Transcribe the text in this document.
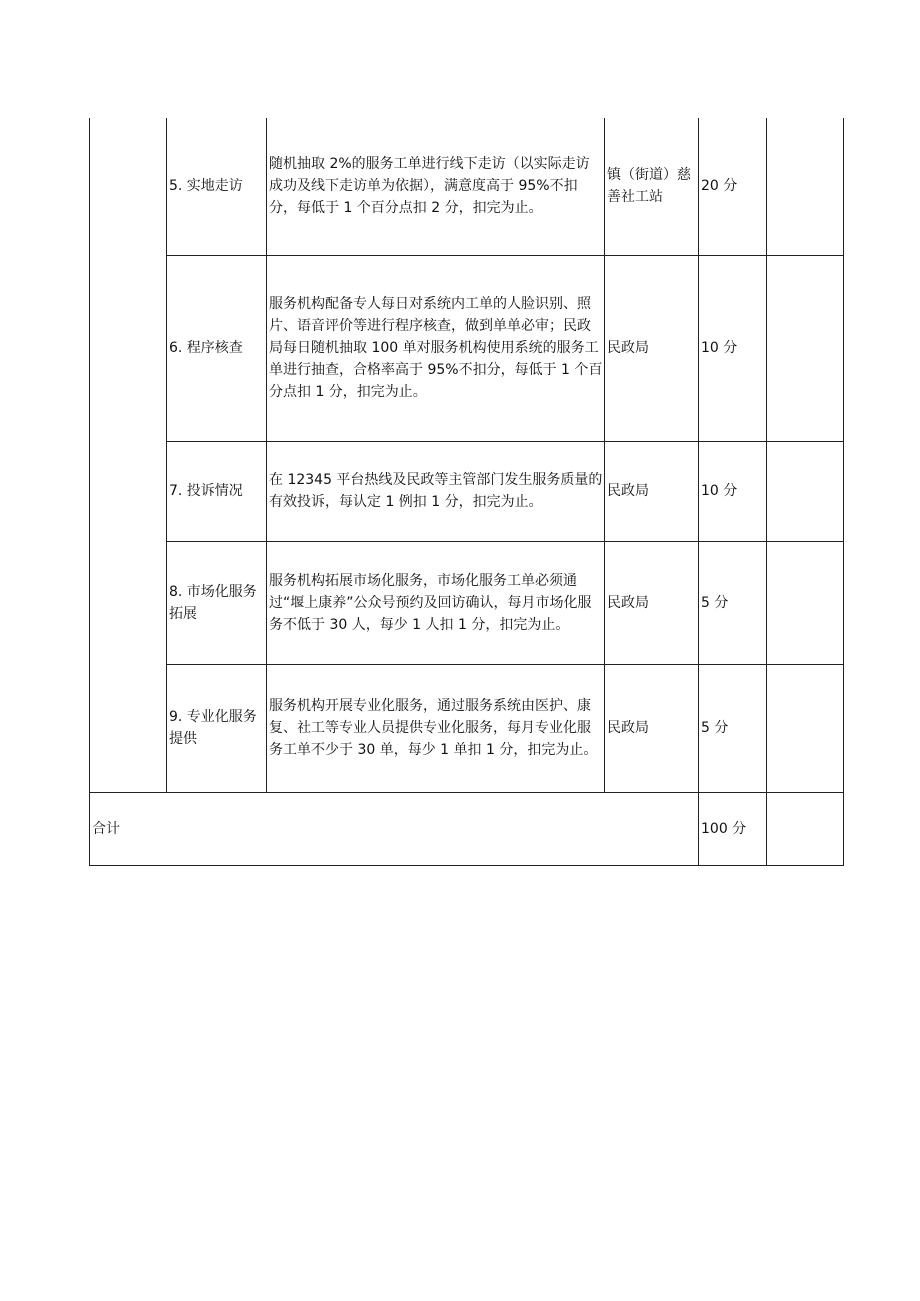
	5. 实地走访	随机抽取 2%的服务工单进行线下走访（以实际走访成功及线下走访单为依据），满意度高于 95%不扣分，每低于 1 个百分点扣 2 分，扣完为止。	镇（街道）慈善社工站	20 分	
	6. 程序核查	服务机构配备专人每日对系统内工单的人脸识别、照片、语音评价等进行程序核查，做到单单必审；民政局每日随机抽取 100 单对服务机构使用系统的服务工单进行抽查，合格率高于 95%不扣分，每低于 1 个百分点扣 1 分，扣完为止。	民政局	10 分	
	7. 投诉情况	在 12345 平台热线及民政等主管部门发生服务质量的有效投诉，每认定 1 例扣 1 分，扣完为止。	民政局	10 分	
	8. 市场化服务拓展	服务机构拓展市场化服务，市场化服务工单必须通过“堰上康养”公众号预约及回访确认，每月市场化服务不低于 30 人，每少 1 人扣 1 分，扣完为止。	民政局	5 分	
	9. 专业化服务提供	服务机构开展专业化服务，通过服务系统由医护、康复、社工等专业人员提供专业化服务，每月专业化服务工单不少于 30 单，每少 1 单扣 1 分，扣完为止。	民政局	5 分	
合计				100 分	
